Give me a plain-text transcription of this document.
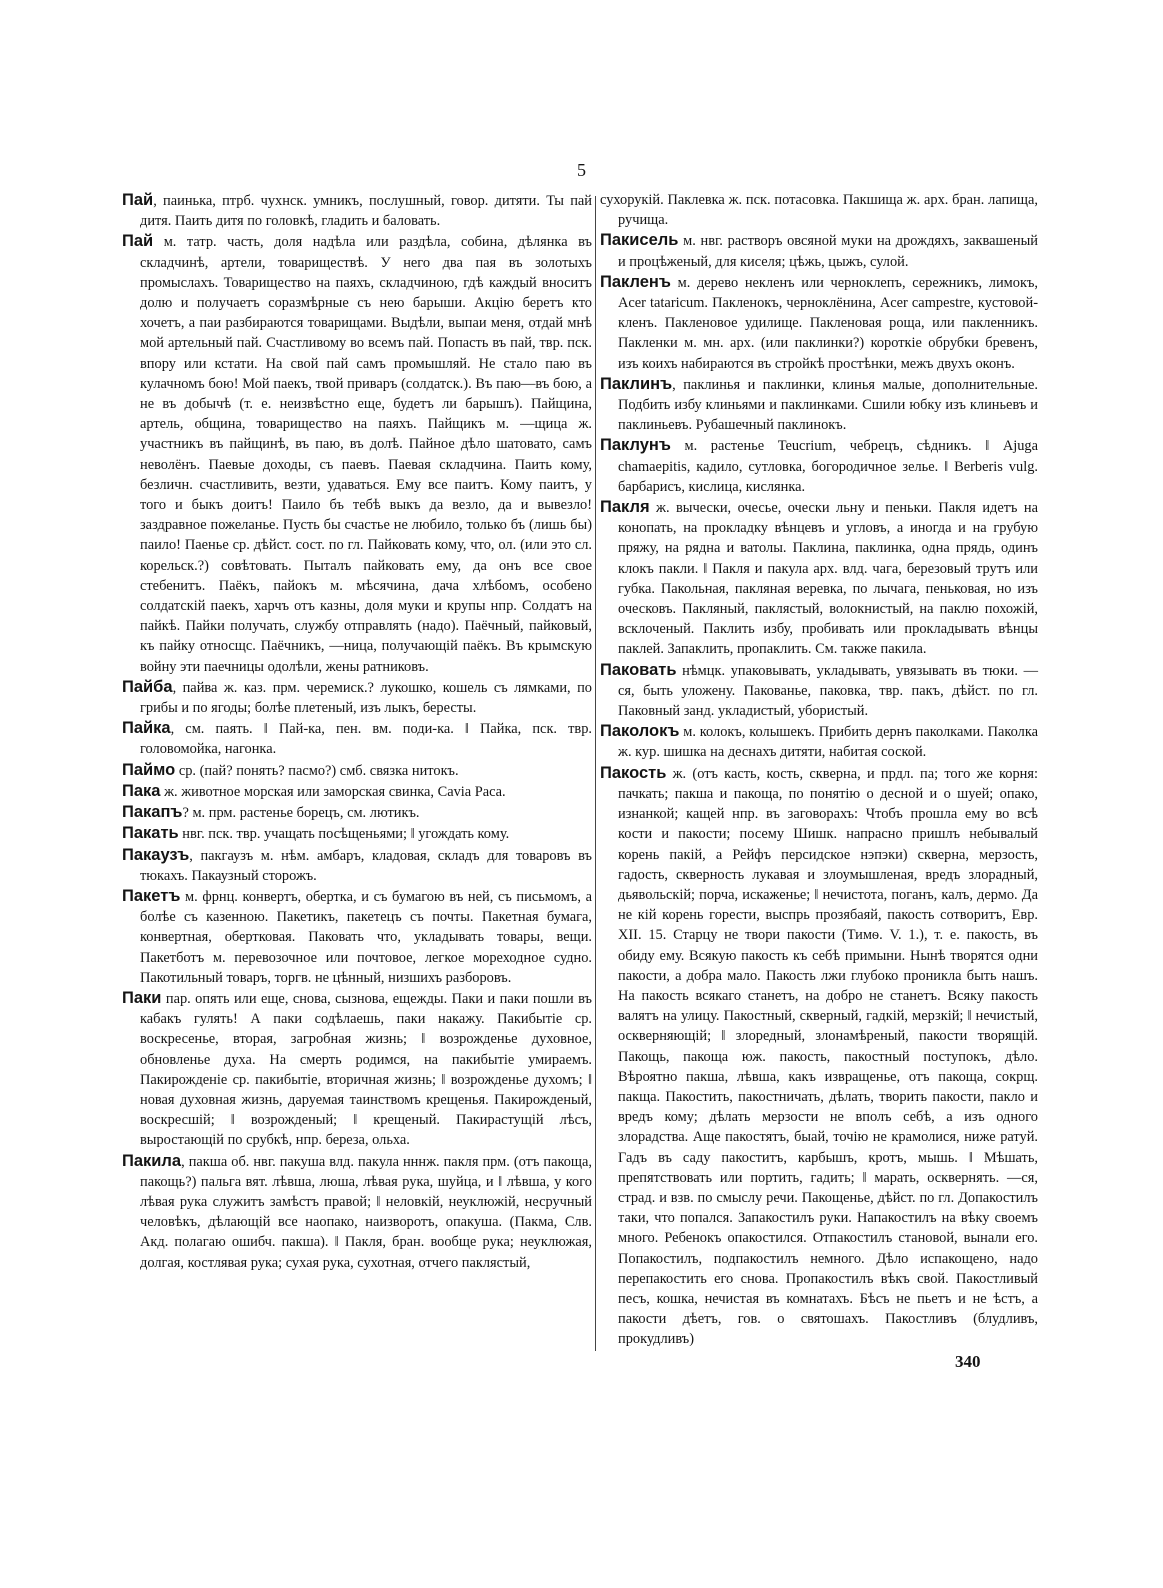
5

Пай, паинька, птрб. чухнск. умникъ, послушный, говор. дитяти. Ты пай дитя. Паить дитя по головкѣ, гладить и баловать.

Пай м. татр. часть, доля надѣла или раздѣла, собина, дѣлянка въ складчинѣ, артели, товариществѣ. У него два пая въ золотыхъ промыслахъ. Товарищество на паяхъ, складчиною, гдѣ каждый вноситъ долю и получаетъ соразмѣрные съ нею барыши. Акцію беретъ кто хочетъ, а паи разбираются товарищами. Выдѣли, выпаи меня, отдай мнѣ мой артельный пай. Счастливому во всемъ пай. Попасть въ пай, твр. пск. впору или кстати. На свой пай самъ промышляй. Не стало паю въ кулачномъ бою! Мой паекъ, твой приваръ (солдатск.). Въ паю—въ бою, а не въ добычѣ (т. е. неизвѣстно еще, будетъ ли барышъ). Пайщина, артель, община, товарищество на паяхъ. Пайщикъ м. —щица ж. участникъ въ пайщинѣ, въ паю, въ долѣ. Пайное дѣло шатовато, самъ неволёнъ. Паевые доходы, съ паевъ. Паевая складчина. Паить кому, безличн. счастливить, везти, удаваться. Ему все паитъ. Кому паитъ, у того и быкъ доитъ! Паило бъ тебѣ выкъ да везло, да и вывезло! заздравное пожеланье. Пусть бы счастье не любило, только бъ (лишь бы) паило! Паенье ср. дѣйст. сост. по гл. Пайковать кому, что, ол. (или это сл. корельск.?) совѣтовать. Пыталъ пайковать ему, да онъ все свое стебенитъ. Паёкъ, пайокъ м. мѣсячина, дача хлѣбомъ, особено солдатскій паекъ, харчъ отъ казны, доля муки и крупы нпр. Солдатъ на пайкѣ. Пайки получать, службу отправлять (надо). Паёчный, пайковый, къ пайку относщс. Паёчникъ, —ница, получающій паёкъ. Въ крымскую войну эти паечницы одолѣли, жены ратниковъ.

Пайба, пайва ж. каз. прм. черемиск.? лукошко, кошель съ лямками, по грибы и по ягоды; болѣе плетеный, изъ лыкъ, бересты.

Пайка, см. паять. ‖ Пай-ка, пен. вм. поди-ка. ‖ Пайка, пск. твр. головомойка, нагонка.

Паймо ср. (пай? понять? пасмо?) смб. связка нитокъ.

Пака ж. животное морская или заморская свинка, Cavia Paca.

Пакапъ? м. прм. растенье борецъ, см. лютикъ.

Пакать нвг. пск. твр. учащать посѣщеньями; ‖ угождать кому.

Пакаузъ, пакгаузъ м. нѣм. амбаръ, кладовая, складъ для товаровъ въ тюкахъ. Пакаузный сторожъ.

Пакетъ м. фрнц. конвертъ, обертка, и съ бумагою въ ней, съ письмомъ, а болѣе съ казенною. Пакетикъ, пакетецъ съ почты. Пакетная бумага, конвертная, обертковая. Паковать что, укладывать товары, вещи. Пакетботъ м. перевозочное или почтовое, легкое мореходное судно. Пакотильный товаръ, торгв. не цѣнный, низшихъ разборовъ.

Паки пар. опять или еще, снова, сызнова, ещежды. Паки и паки пошли въ кабакъ гулять! А паки содѣлаешь, паки накажу. Пакибытіе ср. воскресенье, вторая, загробная жизнь; ‖ возрожденье духовное, обновленье духа. На смерть родимся, на пакибытіе умираемъ. Пакирожденіе ср. пакибытіе, вторичная жизнь; ‖ возрожденье духомъ; ‖ новая духовная жизнь, даруемая таинствомъ крещенья. Пакирожденый, воскресшій; ‖ возрожденый; ‖ крещеный. Пакирастущій лѣсъ, выростающій по срубкѣ, нпр. береза, ольха.

Пакила, пакша об. нвг. пакуша влд. пакула нннж. пакля прм. (отъ пакоща, пакощь?) пальга вят. лѣвша, люша, лѣвая рука, шуйца, и ‖ лѣвша, у кого лѣвая рука служитъ замѣстъ правой; ‖ неловкій, неуклюжій, несручный человѣкъ, дѣлающій все наопако, наизворотъ, опакуша. (Пакма, Слв. Акд. полагаю ошибч. пакша). ‖ Пакля, бран. вообще рука; неуклюжая, долгая, костлявая рука; сухая рука, сухотная, отчего паклястый,

сухорукій. Паклевка ж. пск. потасовка. Пакшища ж. арх. бран. лапища, ручища.

Пакисель м. нвг. растворъ овсяной муки на дрождяхъ, заквашеный и процѣженый, для киселя; цѣжь, цыжъ, сулой.

Пакленъ м. дерево некленъ или черноклепъ, сережникъ, лимокъ, Acer tataricum. Пакленокъ, черноклёнина, Acer campestre, кустовой-кленъ. Пакленовое удилище. Пакленовая роща, или пакленникъ. Пакленки м. мн. арх. (или паклинки?) короткіе обрубки бревенъ, изъ коихъ набираются въ стройкѣ простѣнки, межъ двухъ оконъ.

Паклинъ, паклинья и паклинки, клинья малые, дополнительные. Подбить избу клиньями и паклинками. Сшили юбку изъ клиньевъ и паклиньевъ. Рубашечный паклинокъ.

Паклунъ м. растенье Teucrium, чебрецъ, сѣдникъ. ‖ Ajuga chamaepitis, кадило, сутловка, богородичное зелье. ‖ Berberis vulg. барбарисъ, кислица, кислянка.

Пакля ж. вычески, очесье, очески льну и пеньки. Пакля идетъ на конопать, на прокладку вѣнцевъ и угловъ, а иногда и на грубую пряжу, на рядна и ватолы. Паклина, паклинка, одна прядь, одинъ клокъ пакли. ‖ Пакля и пакула арх. влд. чага, березовый трутъ или губка. Пакольная, пакляная веревка, по лычага, пеньковая, но изъ оческовъ. Пакляный, паклястый, волокнистый, на паклю похожій, всклоченый. Паклить избу, пробивать или прокладывать вѣнцы паклей. Запаклить, пропаклить. См. также пакила.

Паковать нѣмцк. упаковывать, укладывать, увязывать въ тюки. —ся, быть уложену. Пакованье, паковка, твр. пакъ, дѣйст. по гл. Паковный занд. укладистый, убористый.

Паколокъ м. колокъ, колышекъ. Прибить дернъ паколками. Паколка ж. кур. шишка на деснахъ дитяти, набитая соской.

Пакость ж. (отъ касть, кость, скверна, и прдл. па; того же корня: пачкать; пакша и пакоща, по понятію о десной и о шуей; опако, изнанкой; кащей нпр. въ заговорахъ: Чтобъ прошла ему во всѣ кости и пакости; посему Шишк. напрасно пришлъ небывалый корень пакій, а Рейфъ персидское нэпэки) скверна, мерзость, гадость, скверность лукавая и злоумышленая, вредъ злорадный, дьявольскій; порча, искаженье; ‖ нечистота, поганъ, калъ, дермо. Да не кій корень горести, выспрь прозябаяй, пакость сотворитъ, Евр. XII. 15. Старцу не твори пакости (Тимѳ. V. 1.), т. е. пакость, въ обиду ему. Всякую пакость къ себѣ примыни. Нынѣ творятся одни пакости, а добра мало. Пакость лжи глубоко проникла быть нашъ. На пакость всякаго станетъ, на добро не станетъ. Всяку пакость валятъ на улицу. Пакостный, скверный, гадкій, мерзкій; ‖ нечистый, оскверняющій; ‖ злоредный, злонамѣреный, пакости творящій. Пакощь, пакоща юж. пакость, пакостный поступокъ, дѣло. Вѣроятно пакша, лѣвша, какъ извращенье, отъ пакоща, сокрщ. пакща. Пакостить, пакостничать, дѣлать, творить пакости, пакло и вредъ кому; дѣлать мерзости не вполъ себѣ, а изъ одного злорадства. Аще пакостятъ, быай, точію не крамолися, ниже ратуй. Гадъ въ саду пакоститъ, карбышъ, кротъ, мышь. ‖ Мѣшать, препятствовать или портить, гадить; ‖ марать, осквернять. —ся, страд. и взв. по смыслу речи. Пакощенье, дѣйст. по гл. Допакостилъ таки, что попался. Запакостилъ руки. Напакостилъ на вѣку своемъ много. Ребенокъ опакостился. Отпакостилъ становой, вынали его. Попакостилъ, подпакостилъ немного. Дѣло испакощено, надо перепакостить его снова. Пропакостилъ вѣкъ свой. Пакостливый песъ, кошка, нечистая въ комнатахъ. Бѣсъ не пьетъ и не ѣстъ, а пакости дѣетъ, гов. о святошахъ. Пакостливъ (блудливъ, прокудливъ)

340
